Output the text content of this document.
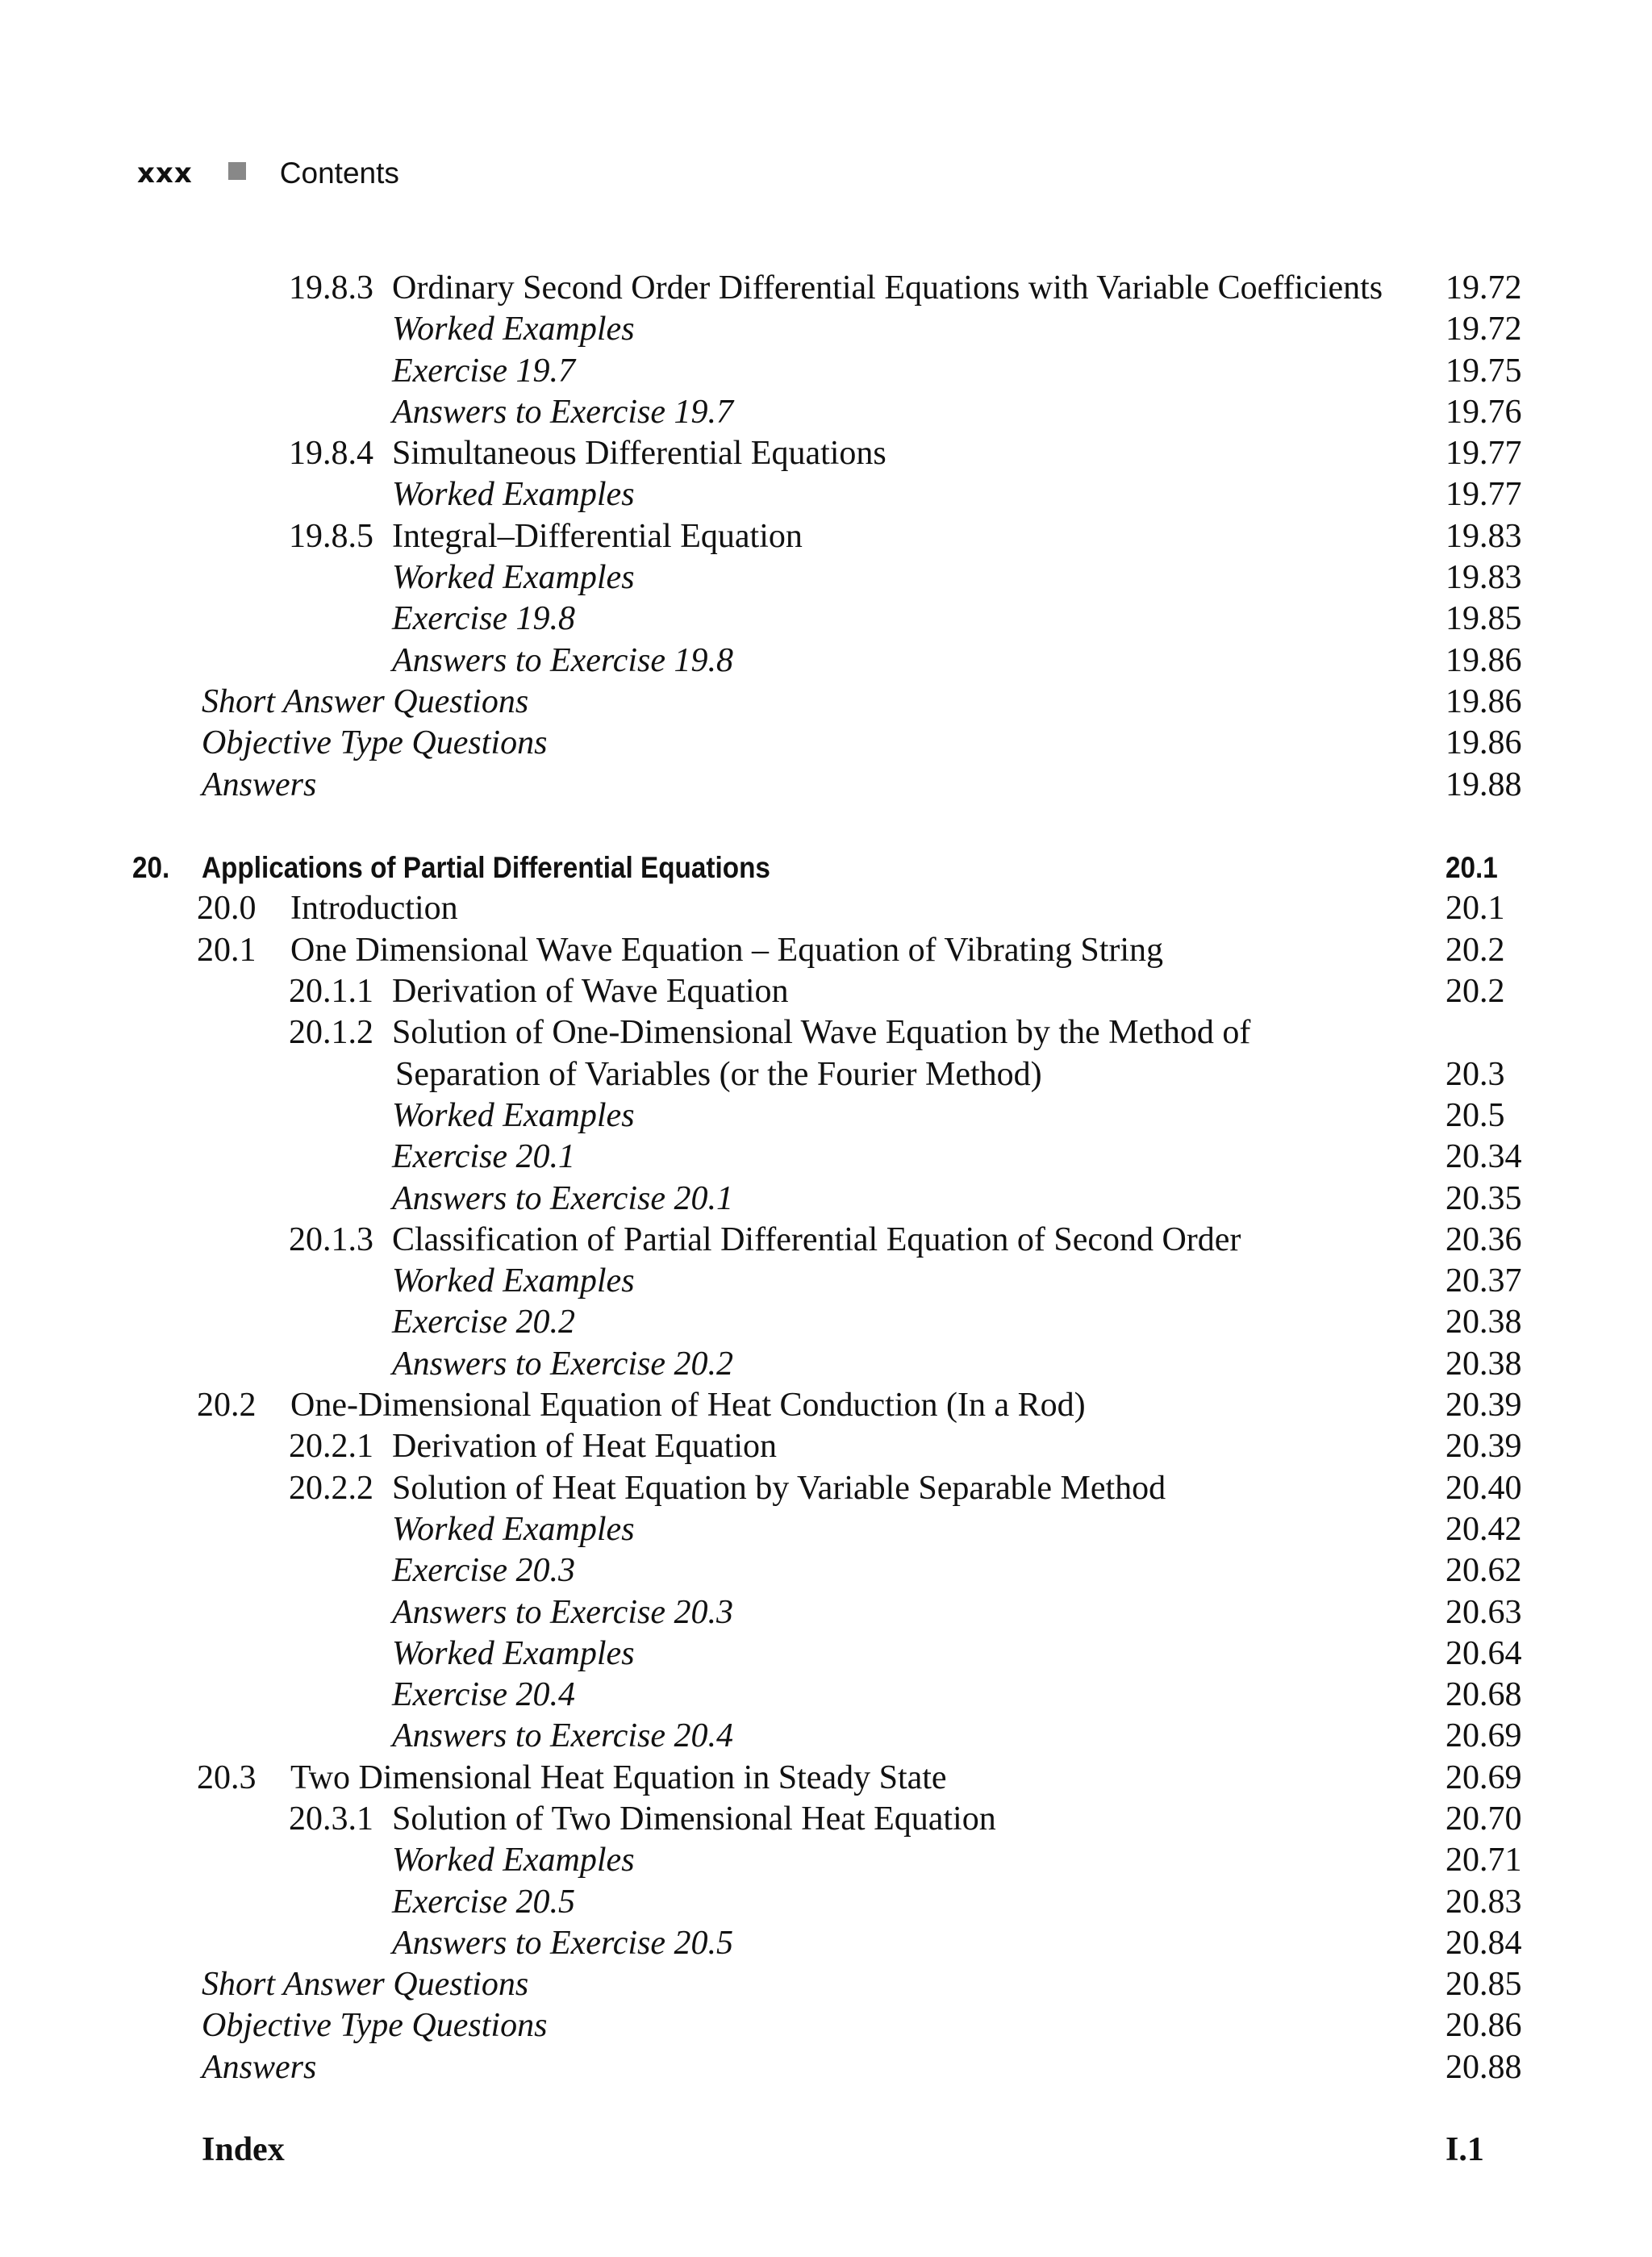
xxx	Contents
19.8.3 Ordinary Second Order Differential Equations with Variable Coefficients 19.72
Worked Examples	19.72
Exercise 19.7	19.75
Answers to Exercise 19.7	19.76
19.8.4 Simultaneous Differential Equations	19.77
Worked Examples	19.77
19.8.5 Integral–Differential Equation	19.83
Worked Examples	19.83
Exercise 19.8	19.85
Answers to Exercise 19.8	19.86
Short Answer Questions	19.86
Objective Type Questions	19.86
Answers	19.88
20. Applications of Partial Differential Equations	20.1
20.0 Introduction	20.1
20.1 One Dimensional Wave Equation – Equation of Vibrating String	20.2
20.1.1 Derivation of Wave Equation	20.2
20.1.2 Solution of One-Dimensional Wave Equation by the Method of
Separation of Variables (or the Fourier Method)	20.3
Worked Examples	20.5
Exercise 20.1	20.34
Answers to Exercise 20.1	20.35
20.1.3 Classification of Partial Differential Equation of Second Order	20.36
Worked Examples	20.37
Exercise 20.2	20.38
Answers to Exercise 20.2	20.38
20.2 One-Dimensional Equation of Heat Conduction (In a Rod)	20.39
20.2.1 Derivation of Heat Equation	20.39
20.2.2 Solution of Heat Equation by Variable Separable Method	20.40
Worked Examples	20.42
Exercise 20.3	20.62
Answers to Exercise 20.3	20.63
Worked Examples	20.64
Exercise 20.4	20.68
Answers to Exercise 20.4	20.69
20.3 Two Dimensional Heat Equation in Steady State	20.69
20.3.1 Solution of Two Dimensional Heat Equation	20.70
Worked Examples	20.71
Exercise 20.5	20.83
Answers to Exercise 20.5	20.84
Short Answer Questions	20.85
Objective Type Questions	20.86
Answers	20.88
Index	I.1
